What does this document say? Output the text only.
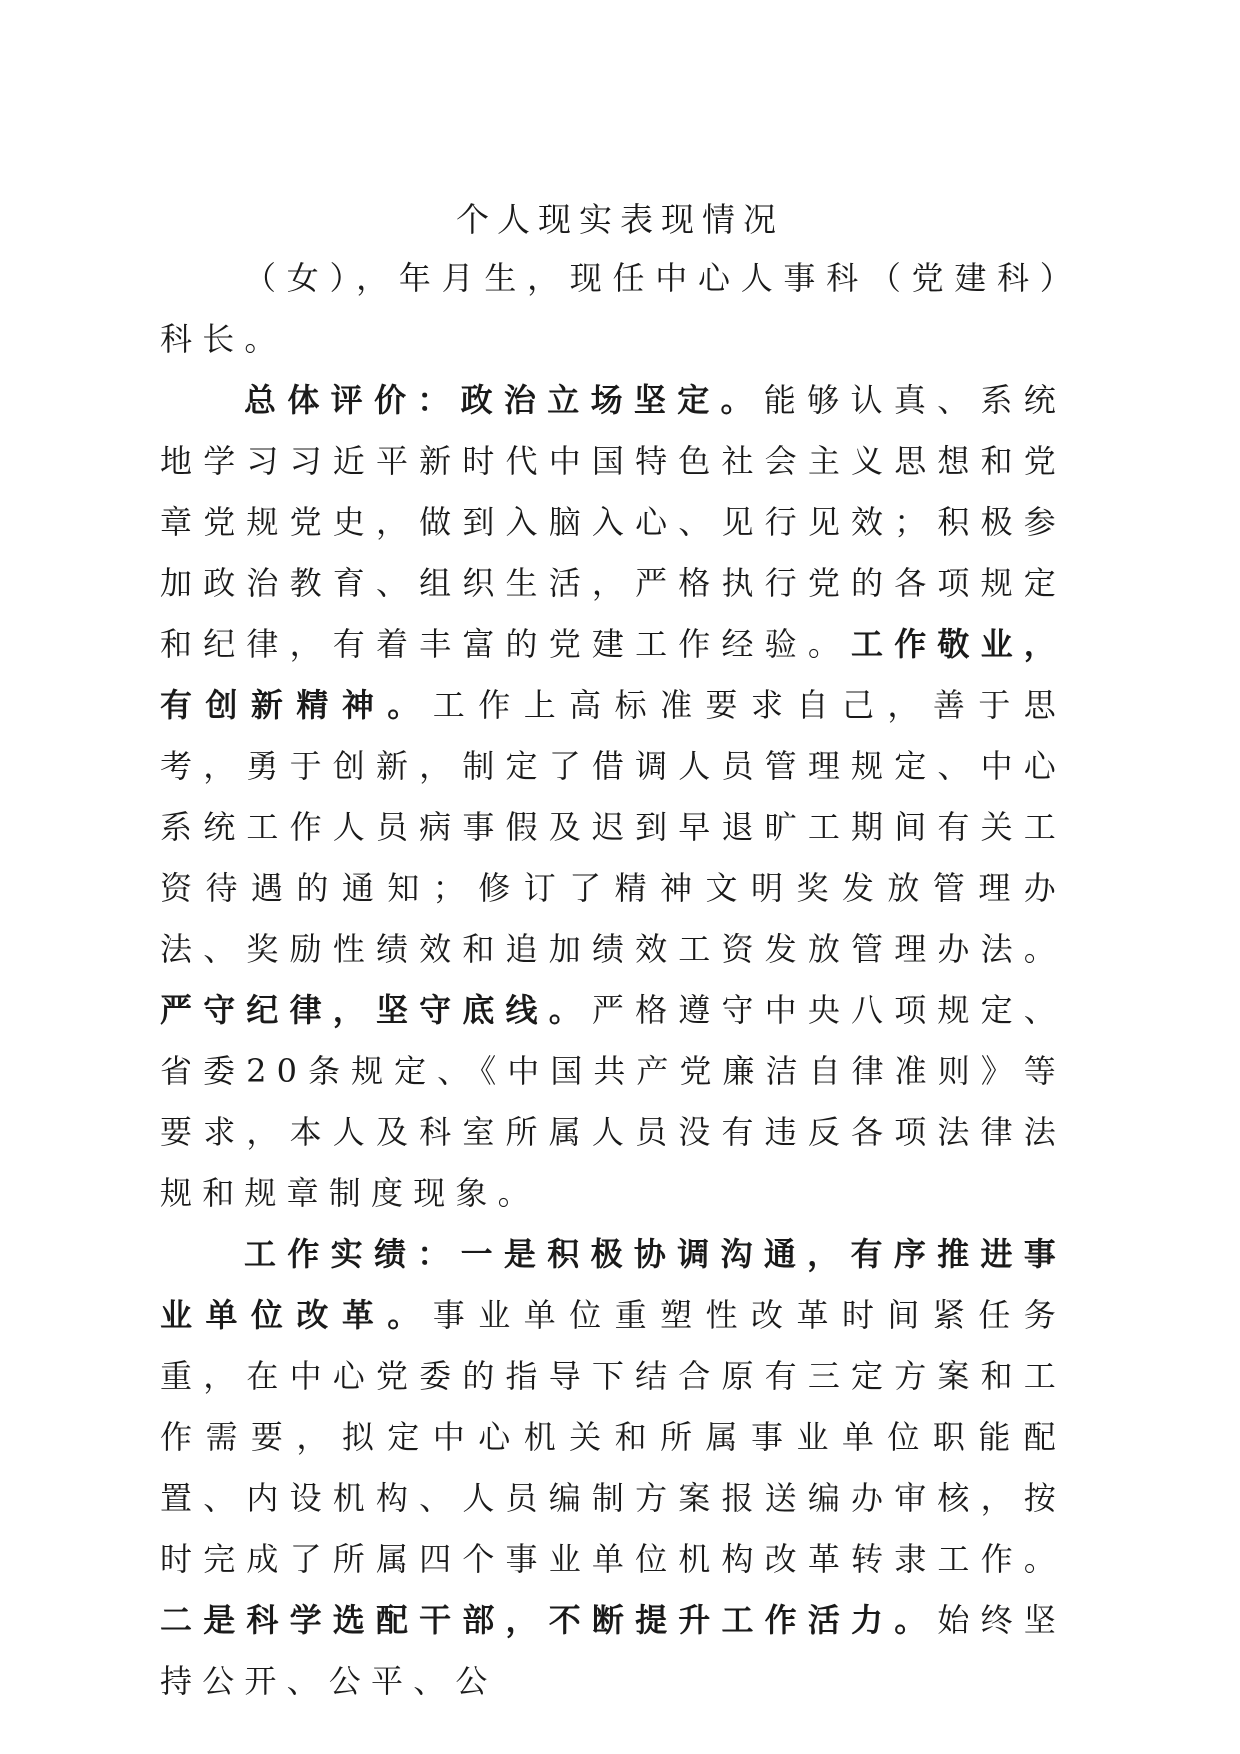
个人现实表现情况

（女），年月生，现任中心人事科（党建科）科长。

总体评价：政治立场坚定。能够认真、系统地学习习近平新时代中国特色社会主义思想和党章党规党史，做到入脑入心、见行见效；积极参加政治教育、组织生活，严格执行党的各项规定和纪律，有着丰富的党建工作经验。工作敬业，有创新精神。工作上高标准要求自己，善于思考，勇于创新，制定了借调人员管理规定、中心系统工作人员病事假及迟到早退旷工期间有关工资待遇的通知；修订了精神文明奖发放管理办法、奖励性绩效和追加绩效工资发放管理办法。严守纪律，坚守底线。严格遵守中央八项规定、省委20条规定、《中国共产党廉洁自律准则》等要求，本人及科室所属人员没有违反各项法律法规和规章制度现象。

工作实绩：一是积极协调沟通，有序推进事业单位改革。事业单位重塑性改革时间紧任务重，在中心党委的指导下结合原有三定方案和工作需要，拟定中心机关和所属事业单位职能配置、内设机构、人员编制方案报送编办审核，按时完成了所属四个事业单位机构改革转隶工作。二是科学选配干部，不断提升工作活力。始终坚持公开、公平、公
